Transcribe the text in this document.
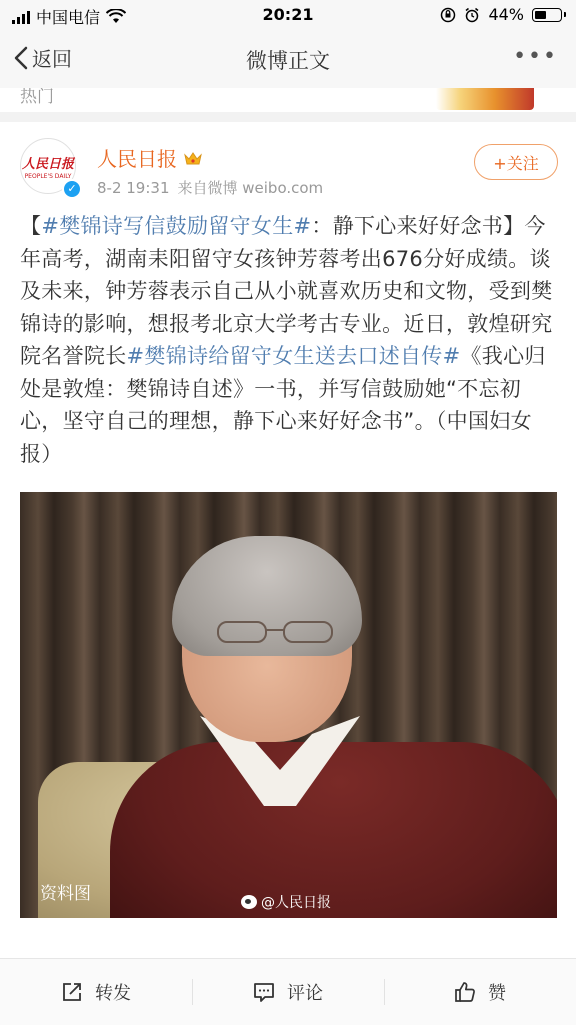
中国电信	20:21	44%
返回	微博正文	•••
热门
人民日报
PEOPLE'S DAILY
✓
人民日报
8-2 19:31 来自微博 weibo.com
+关注
【#樊锦诗写信鼓励留守女生#：静下心来好好念书】今年高考，湖南耒阳留守女孩钟芳蓉考出676分好成绩。谈及未来，钟芳蓉表示自己从小就喜欢历史和文物，受到樊锦诗的影响，想报考北京大学考古专业。近日，敦煌研究院名誉院长#樊锦诗给留守女生送去口述自传#《我心归处是敦煌：樊锦诗自述》一书，并写信鼓励她“不忘初心，坚守自己的理想，静下心来好好念书”。（中国妇女报）
资料图	@人民日报
转发	评论	赞
